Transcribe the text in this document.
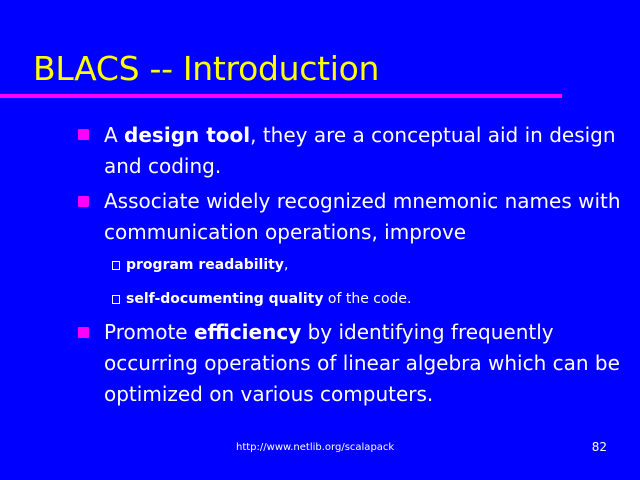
BLACS -- Introduction
A design tool, they are a conceptual aid in design and coding.
Associate widely recognized mnemonic names with communication operations, improve
program readability,
self-documenting quality of the code.
Promote efficiency by identifying frequently occurring operations of linear algebra which can be optimized on various computers.
http://www.netlib.org/scalapack	82
